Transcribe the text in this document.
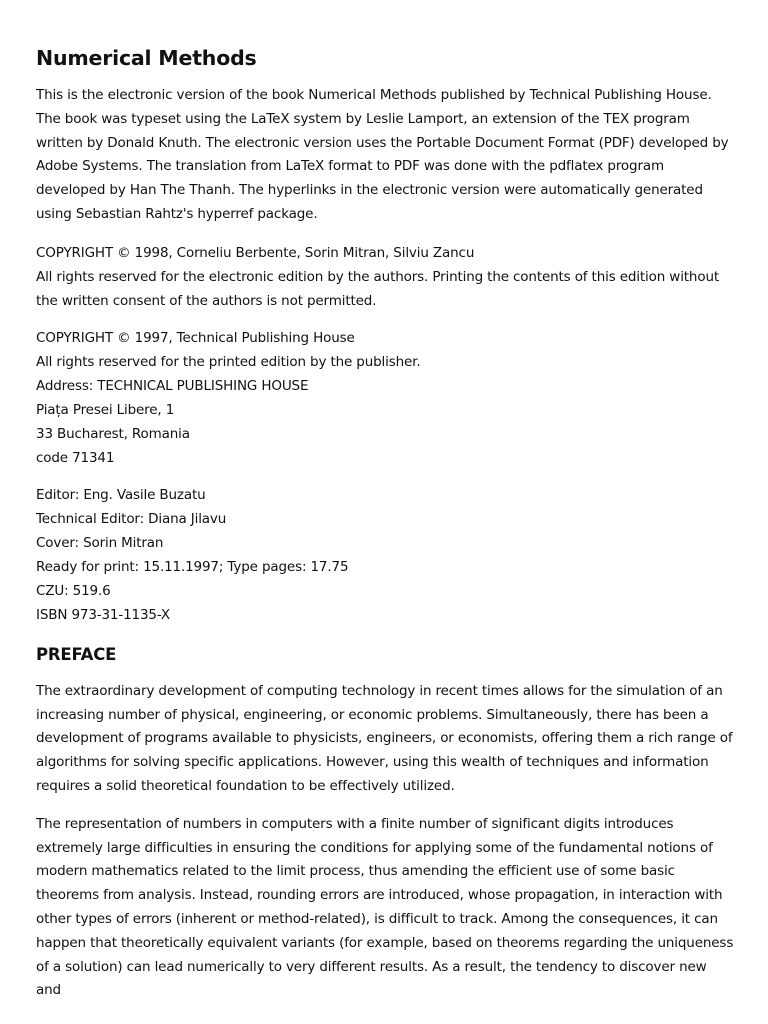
Numerical Methods

This is the electronic version of the book Numerical Methods published by Technical Publishing House. The book was typeset using the LaTeX system by Leslie Lamport, an extension of the TEX program written by Donald Knuth. The electronic version uses the Portable Document Format (PDF) developed by Adobe Systems. The translation from LaTeX format to PDF was done with the pdflatex program developed by Han The Thanh. The hyperlinks in the electronic version were automatically generated using Sebastian Rahtz's hyperref package.

COPYRIGHT © 1998, Corneliu Berbente, Sorin Mitran, Silviu Zancu
All rights reserved for the electronic edition by the authors. Printing the contents of this edition without the written consent of the authors is not permitted.
COPYRIGHT © 1997, Technical Publishing House
All rights reserved for the printed edition by the publisher.
Address: TECHNICAL PUBLISHING HOUSE
Piața Presei Libere, 1
33 Bucharest, Romania
code 71341
Editor: Eng. Vasile Buzatu
Technical Editor: Diana Jilavu
Cover: Sorin Mitran
Ready for print: 15.11.1997; Type pages: 17.75
CZU: 519.6
ISBN 973-31-1135-X
PREFACE

The extraordinary development of computing technology in recent times allows for the simulation of an increasing number of physical, engineering, or economic problems. Simultaneously, there has been a development of programs available to physicists, engineers, or economists, offering them a rich range of algorithms for solving specific applications. However, using this wealth of techniques and information requires a solid theoretical foundation to be effectively utilized.

The representation of numbers in computers with a finite number of significant digits introduces extremely large difficulties in ensuring the conditions for applying some of the fundamental notions of modern mathematics related to the limit process, thus amending the efficient use of some basic theorems from analysis. Instead, rounding errors are introduced, whose propagation, in interaction with other types of errors (inherent or method-related), is difficult to track. Among the consequences, it can happen that theoretically equivalent variants (for example, based on theorems regarding the uniqueness of a solution) can lead numerically to very different results. As a result, the tendency to discover new and
